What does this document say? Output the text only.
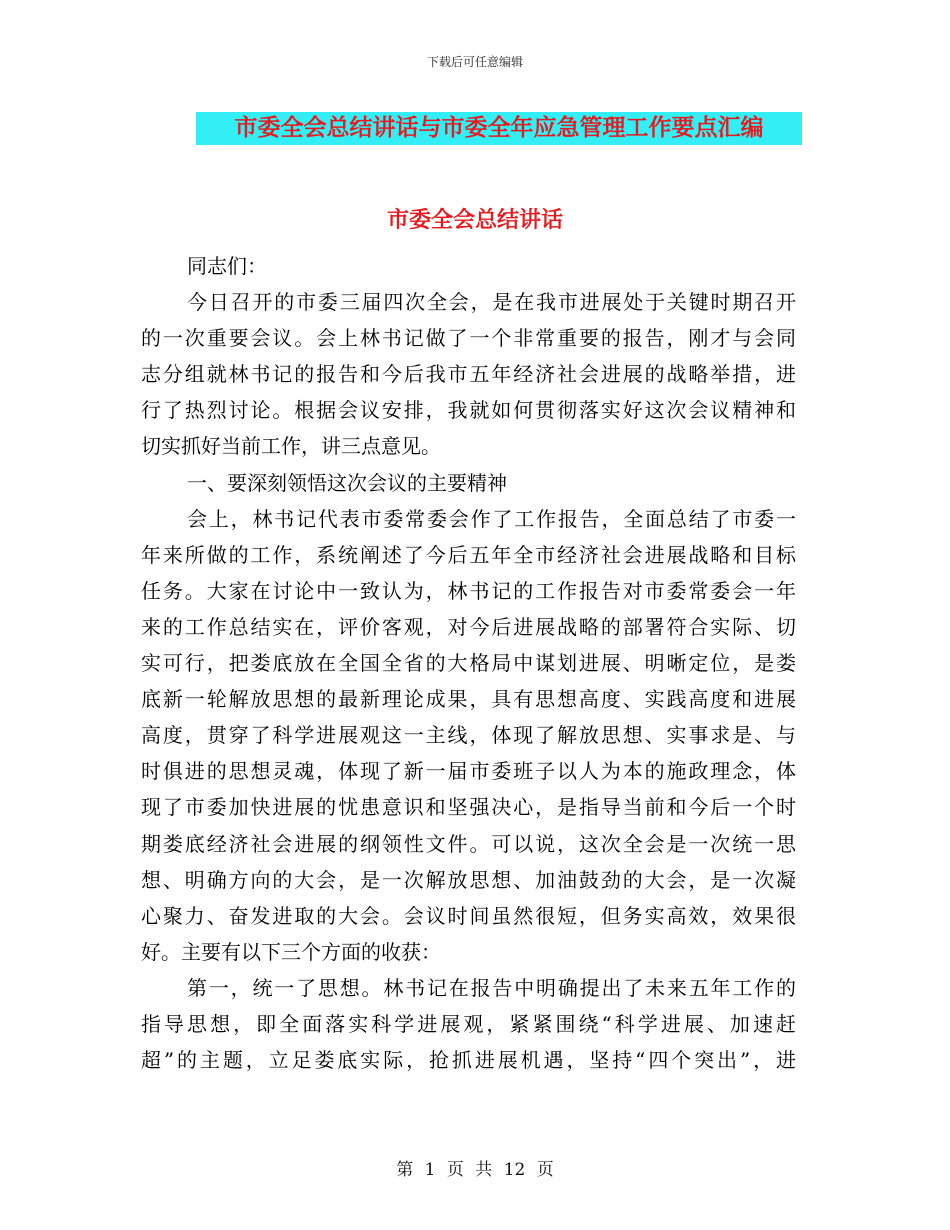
下载后可任意编辑
市委全会总结讲话与市委全年应急管理工作要点汇编
市委全会总结讲话
同志们：
今日召开的市委三届四次全会，是在我市进展处于关键时期召开
的一次重要会议。会上林书记做了一个非常重要的报告，刚才与会同
志分组就林书记的报告和今后我市五年经济社会进展的战略举措，进
行了热烈讨论。根据会议安排，我就如何贯彻落实好这次会议精神和
切实抓好当前工作，讲三点意见。
一、要深刻领悟这次会议的主要精神
会上，林书记代表市委常委会作了工作报告，全面总结了市委一
年来所做的工作，系统阐述了今后五年全市经济社会进展战略和目标
任务。大家在讨论中一致认为，林书记的工作报告对市委常委会一年
来的工作总结实在，评价客观，对今后进展战略的部署符合实际、切
实可行，把娄底放在全国全省的大格局中谋划进展、明晰定位，是娄
底新一轮解放思想的最新理论成果，具有思想高度、实践高度和进展
高度，贯穿了科学进展观这一主线，体现了解放思想、实事求是、与
时俱进的思想灵魂，体现了新一届市委班子以人为本的施政理念，体
现了市委加快进展的忧患意识和坚强决心，是指导当前和今后一个时
期娄底经济社会进展的纲领性文件。可以说，这次全会是一次统一思
想、明确方向的大会，是一次解放思想、加油鼓劲的大会，是一次凝
心聚力、奋发进取的大会。会议时间虽然很短，但务实高效，效果很
好。主要有以下三个方面的收获：
第一，统一了思想。林书记在报告中明确提出了未来五年工作的
指导思想，即全面落实科学进展观，紧紧围绕“科学进展、加速赶
超”的主题，立足娄底实际，抢抓进展机遇，坚持“四个突出”，进
第 1 页 共 12 页
